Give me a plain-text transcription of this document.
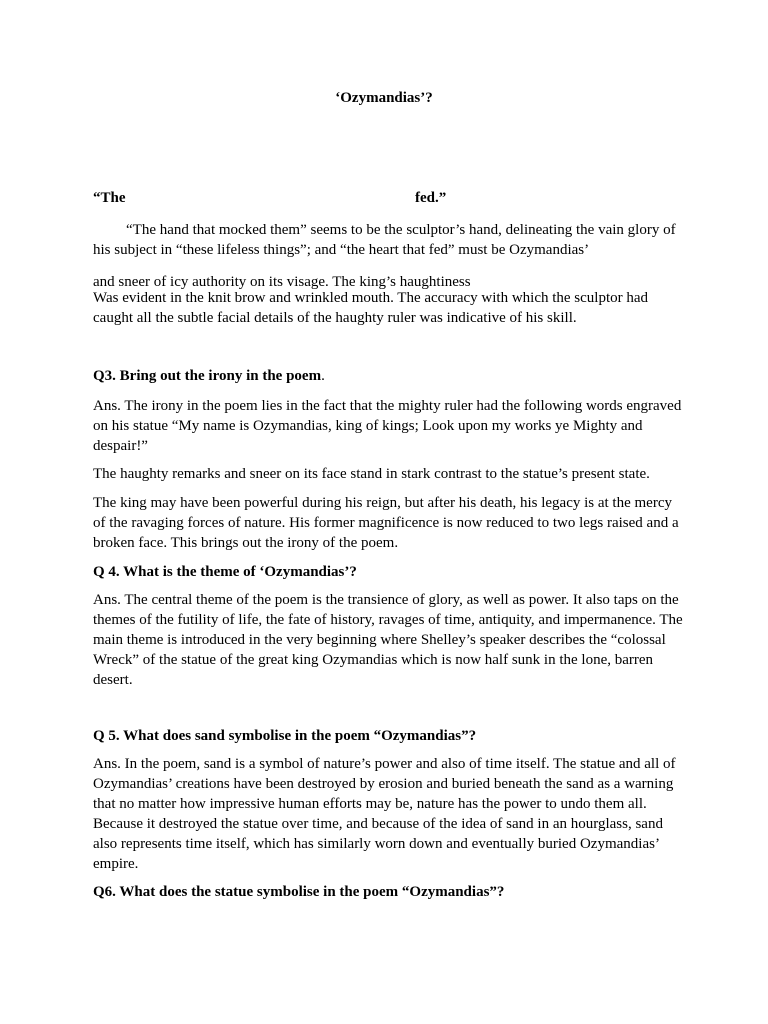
‘Ozymandias’?
“The	fed.”

“The hand that mocked them” seems to be the sculptor’s hand, delineating the vain glory of his subject in “these lifeless things”; and “the heart that fed” must be Ozymandias’

and sneer of icy authority on its visage. The king’s haughtiness

Was evident in the knit brow and wrinkled mouth. The accuracy with which the sculptor had caught all the subtle facial details of the haughty ruler was indicative of his skill.

Q3. Bring out the irony in the poem.

Ans. The irony in the poem lies in the fact that the mighty ruler had the following words engraved on his statue “My name is Ozymandias, king of kings; Look upon my works ye Mighty and despair!”

The haughty remarks and sneer on its face stand in stark contrast to the statue’s present state.

The king may have been powerful during his reign, but after his death, his legacy is at the mercy of the ravaging forces of nature. His former magnificence is now reduced to two legs raised and a broken face. This brings out the irony of the poem.

Q 4. What is the theme of ‘Ozymandias’?

Ans. The central theme of the poem is the transience of glory, as well as power. It also taps on the themes of the futility of life, the fate of history, ravages of time, antiquity, and impermanence. The main theme is introduced in the very beginning where Shelley’s speaker describes the “colossal Wreck” of the statue of the great king Ozymandias which is now half sunk in the lone, barren desert.

Q 5. What does sand symbolise in the poem “Ozymandias”?

Ans. In the poem, sand is a symbol of nature’s power and also of time itself. The statue and all of Ozymandias’ creations have been destroyed by erosion and buried beneath the sand as a warning that no matter how impressive human efforts may be, nature has the power to undo them all. Because it destroyed the statue over time, and because of the idea of sand in an hourglass, sand also represents time itself, which has similarly worn down and eventually buried Ozymandias’ empire.

Q6. What does the statue symbolise in the poem “Ozymandias”?
